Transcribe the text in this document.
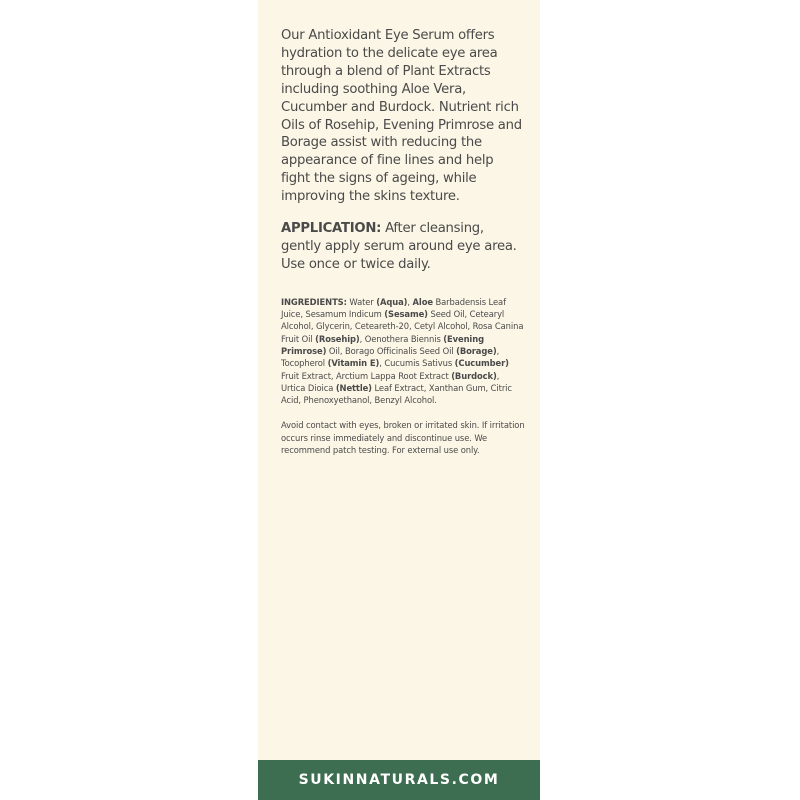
Our Antioxidant Eye Serum offers hydration to the delicate eye area through a blend of Plant Extracts including soothing Aloe Vera, Cucumber and Burdock. Nutrient rich Oils of Rosehip, Evening Primrose and Borage assist with reducing the appearance of fine lines and help fight the signs of ageing, while improving the skins texture.

APPLICATION: After cleansing, gently apply serum around eye area. Use once or twice daily.

INGREDIENTS: Water (Aqua), Aloe Barbadensis Leaf Juice, Sesamum Indicum (Sesame) Seed Oil, Cetearyl Alcohol, Glycerin, Ceteareth-20, Cetyl Alcohol, Rosa Canina Fruit Oil (Rosehip), Oenothera Biennis (Evening Primrose) Oil, Borago Officinalis Seed Oil (Borage), Tocopherol (Vitamin E), Cucumis Sativus (Cucumber) Fruit Extract, Arctium Lappa Root Extract (Burdock), Urtica Dioica (Nettle) Leaf Extract, Xanthan Gum, Citric Acid, Phenoxyethanol, Benzyl Alcohol.

Avoid contact with eyes, broken or irritated skin. If irritation occurs rinse immediately and discontinue use. We recommend patch testing. For external use only.

SUKINNATURALS.COM
